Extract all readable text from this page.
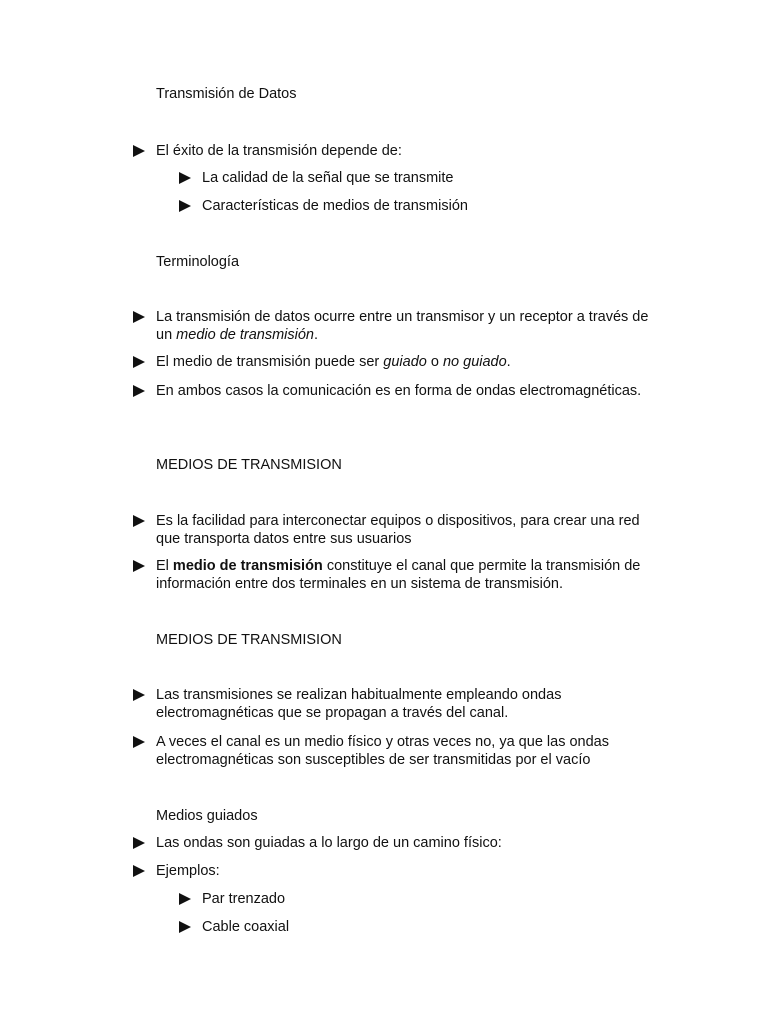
Transmisión de Datos
El éxito de la transmisión depende de:
La calidad de la señal que se transmite
Características de medios de transmisión
Terminología
La transmisión de datos ocurre entre un transmisor y un receptor a través de un medio de transmisión.
El medio de transmisión puede ser guiado o no guiado.
En ambos casos la comunicación es en forma de ondas electromagnéticas.
MEDIOS DE TRANSMISION
Es la facilidad para interconectar equipos o dispositivos, para crear una red que transporta datos entre sus usuarios
El medio de transmisión constituye el canal que permite la transmisión de información entre dos terminales en un sistema de transmisión.
MEDIOS DE TRANSMISION
Las transmisiones se realizan habitualmente empleando ondas electromagnéticas que se propagan a través del canal.
A veces el canal es un medio físico y otras veces no, ya que las ondas electromagnéticas son susceptibles de ser transmitidas por el vacío
Medios guiados
Las ondas son guiadas a lo largo de un camino físico:
Ejemplos:
Par trenzado
Cable coaxial
